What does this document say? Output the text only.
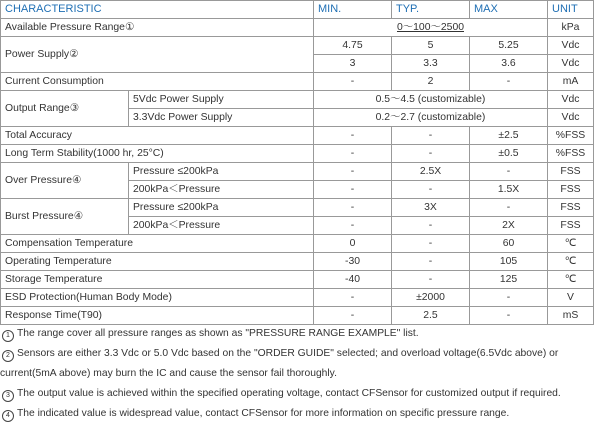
CHARACTERISTIC		MIN.	TYP.	MAX	UNIT
Available Pressure Range①		0～100～2500			kPa
Power Supply②		4.75	5	5.25	Vdc
		3	3.3	3.6	Vdc
Current Consumption		-	2	-	mA
Output Range③	5Vdc Power Supply	0.5～4.5 (customizable)			Vdc
	3.3Vdc Power Supply	0.2～2.7 (customizable)			Vdc
Total Accuracy		-	-	±2.5	%FSS
Long Term Stability(1000 hr, 25°C)		-	-	±0.5	%FSS
Over Pressure④	Pressure ≤200kPa	-	2.5X	-	FSS
	200kPa＜Pressure	-	-	1.5X	FSS
Burst Pressure④	Pressure ≤200kPa	-	3X	-	FSS
	200kPa＜Pressure	-	-	2X	FSS
Compensation Temperature		0	-	60	℃
Operating Temperature		-30	-	105	℃
Storage Temperature		-40	-	125	℃
ESD Protection(Human Body Mode)		-	±2000	-	V
Response Time(T90)		-	2.5	-	mS
1 The range cover all pressure ranges as shown as "PRESSURE RANGE EXAMPLE" list.
2 Sensors are either 3.3 Vdc or 5.0 Vdc based on the "ORDER GUIDE" selected; and overload voltage(6.5Vdc above) or
current(5mA above) may burn the IC and cause the sensor fail thoroughly.
3 The output value is achieved within the specified operating voltage, contact CFSensor for customized output if required.
4 The indicated value is widespread value, contact CFSensor for more information on specific pressure range.
